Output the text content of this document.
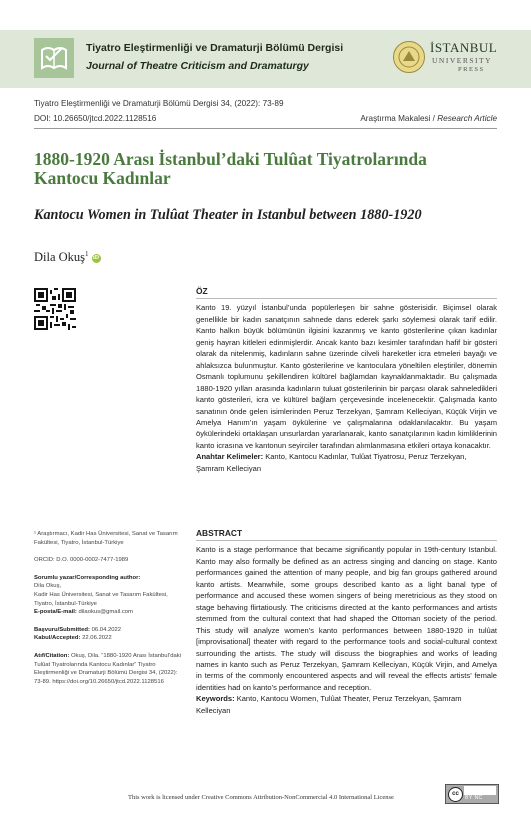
Tiyatro Eleştirmenliği ve Dramaturji Bölümü Dergisi
Journal of Theatre Criticism and Dramaturgy
İSTANBUL
UNIVERSITY
PRESS
Tiyatro Eleştirmenliği ve Dramaturji Bölümü Dergisi 34, (2022): 73-89
DOI: 10.26650/jtcd.2022.1128516	Araştırma Makalesi / Research Article
1880-1920 Arası İstanbul’daki Tulûat Tiyatrolarında Kantocu Kadınlar
Kantocu Women in Tulûat Theater in Istanbul between 1880-1920
Dila Okuş$^1$iD

¹ Araştırmacı, Kadir Has Üniversitesi, Sanat ve Tasarım Fakültesi, Tiyatro, İstanbul-Türkiye

ORCID: D.O. 0000-0002-7477-1989

Sorumlu yazar/Corresponding author:

Dila Okuş,

Kadir Has Üniversitesi, Sanat ve Tasarım Fakültesi, Tiyatro, İstanbul-Türkiye

E-posta/E-mail: dilaokus@gmail.com

Başvuru/Submitted: 06.04.2022

Kabul/Accepted: 22.06.2022

Atıf/Citation: Okuş, Dila. “1880-1920 Arası İstanbul’daki Tulûat Tiyatrolarında Kantocu Kadınlar” Tiyatro Eleştirmenliği ve Dramaturji Bölümü Dergisi 34, (2022): 73-89. https://doi.org/10.26650/jtcd.2022.1128516

ÖZ

Kanto 19. yüzyıl İstanbul’unda popülerleşen bir sahne gösterisidir. Biçimsel olarak genellikle bir kadın sanatçının sahnede dans ederek şarkı söylemesi olarak tarif edilir. Kanto halkın büyük bölümünün ilgisini kazanmış ve kanto gösterilerine çıkan kadınlar geniş hayran kitleleri edinmişlerdir. Ancak kanto bazı kesimler tarafından hafif bir gösteri olarak da nitelenmiş, kadınların sahne üzerinde cilveli hareketler icra etmeleri bayağı ve ahlaksızca bulunmuştur. Kanto gösterilerine ve kantoculara yöneltilen eleştiriler, dönemin Osmanlı toplumunu şekillendiren kültürel bağlamdan kaynaklanmaktadır. Bu çalışmada 1880-1920 yılları arasında kadınların tuluat gösterilerinin bir parçası olarak sahneledikleri kanto gösterileri, icra ve kültürel bağlam çerçevesinde incelenecektir. Çalışmada kanto sanatının önde gelen isimlerinden Peruz Terzekyan, Şamram Kelleciyan, Küçük Virjin ve Amelya Hanım’ın yaşam öykülerine ve çalışmalarına odaklanılacaktır. Bu yaşam öykülerindeki ortaklaşan unsurlardan yararlanarak, kanto sanatçılarının kadın kimliklerinin kanto icrasına ve kantonun seyirciler tarafından alımlanmasına etkileri ortaya konacaktır.

Anahtar Kelimeler: Kanto, Kantocu Kadınlar, Tulûat Tiyatrosu, Peruz Terzekyan, Şamram Kelleciyan

ABSTRACT

Kanto is a stage performance that became significantly popular in 19th-century Istanbul. Kanto may also formally be defined as an actress singing and dancing on stage. Kanto performances gained the attention of many people, and big fan groups gathered around kanto artists. Meanwhile, some groups described kanto as a light banal type of performance and accused these women singers of being meretricious as they stood on stage behaving flirtatiously. The criticisms directed at the kanto performances and artists stemmed from the cultural context that had shaped the Ottoman society of the period. This study will analyze women’s kanto performances between 1880-1920 in tulûat [improvisational] theater with regard to the performance tools and social-cultural context surrounding the artists. The study will discuss the biographies and works of leading names in kanto such as Peruz Terzekyan, Şamram Kelleciyan, Küçük Virjin, and Amelya in terms of the commonly encountered aspects and will reveal the effects artists’ female identities had on kanto’s performance and reception.

Keywords: Kanto, Kantocu Women, Tulûat Theater, Peruz Terzekyan, Şamram Kelleciyan

This work is licensed under Creative Commons Attribution-NonCommercial 4.0 International License	cc
BY NC
